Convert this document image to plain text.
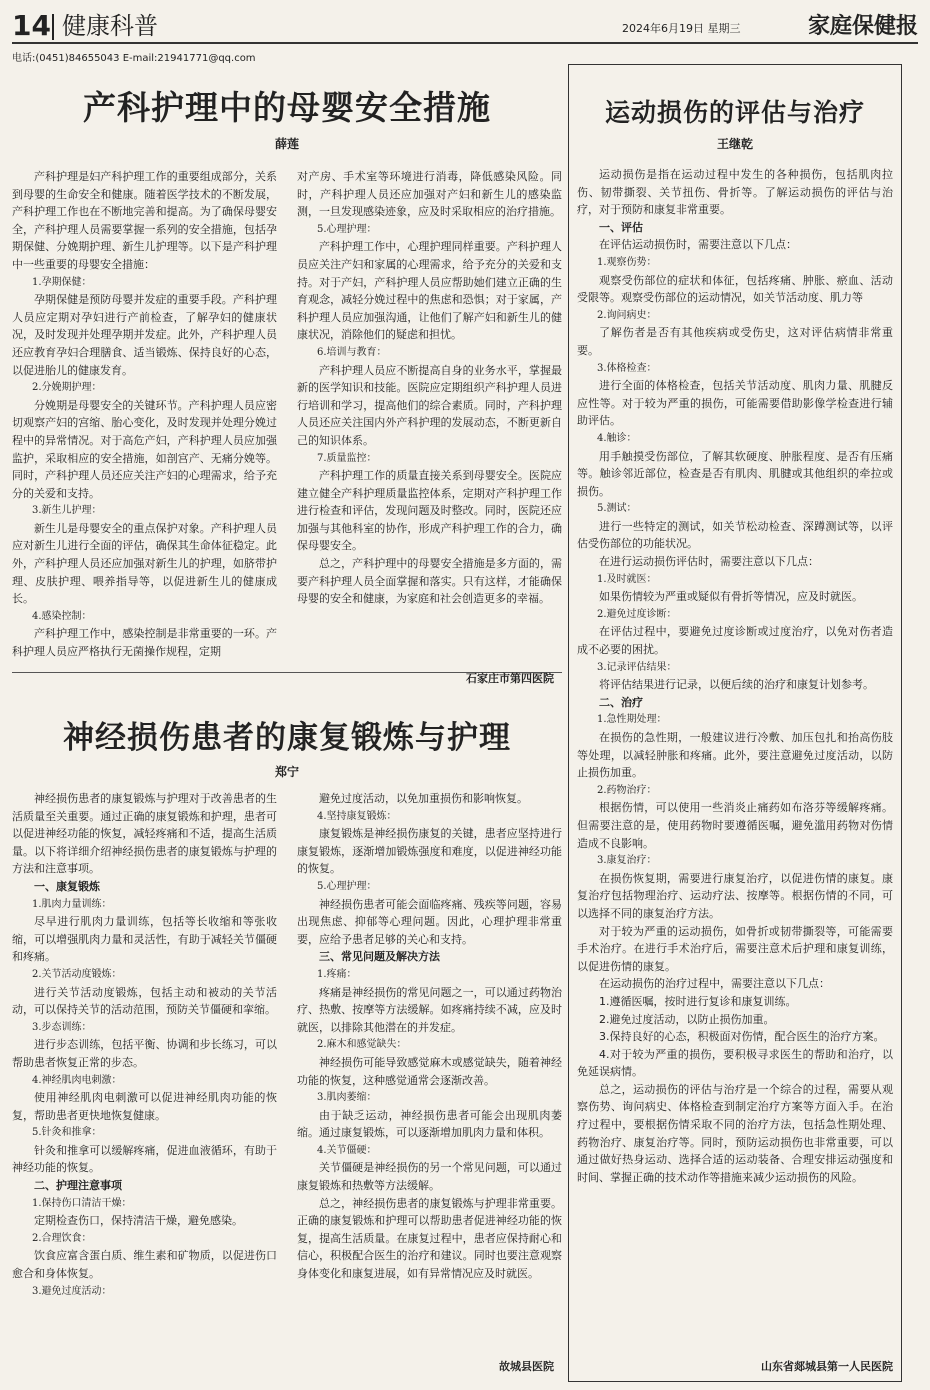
14 健康科普	2024年6月19日 星期三	家庭保健报
电话:(0451)84655043 E-mail:21941771@qq.com
产科护理中的母婴安全措施
薛莲

产科护理是妇产科护理工作的重要组成部分，关系到母婴的生命安全和健康。随着医学技术的不断发展，产科护理工作也在不断地完善和提高。为了确保母婴安全，产科护理人员需要掌握一系列的安全措施，包括孕期保健、分娩期护理、新生儿护理等。以下是产科护理中一些重要的母婴安全措施：

1.孕期保健：

孕期保健是预防母婴并发症的重要手段。产科护理人员应定期对孕妇进行产前检查，了解孕妇的健康状况，及时发现并处理孕期并发症。此外，产科护理人员还应教育孕妇合理膳食、适当锻炼、保持良好的心态，以促进胎儿的健康发育。

2.分娩期护理：

分娩期是母婴安全的关键环节。产科护理人员应密切观察产妇的宫缩、胎心变化，及时发现并处理分娩过程中的异常情况。对于高危产妇，产科护理人员应加强监护，采取相应的安全措施，如剖宫产、无痛分娩等。同时，产科护理人员还应关注产妇的心理需求，给予充分的关爱和支持。

3.新生儿护理：

新生儿是母婴安全的重点保护对象。产科护理人员应对新生儿进行全面的评估，确保其生命体征稳定。此外，产科护理人员还应加强对新生儿的护理，如脐带护理、皮肤护理、喂养指导等，以促进新生儿的健康成长。

4.感染控制：

产科护理工作中，感染控制是非常重要的一环。产科护理人员应严格执行无菌操作规程，定期

对产房、手术室等环境进行消毒，降低感染风险。同时，产科护理人员还应加强对产妇和新生儿的感染监测，一旦发现感染迹象，应及时采取相应的治疗措施。

5.心理护理：

产科护理工作中，心理护理同样重要。产科护理人员应关注产妇和家属的心理需求，给予充分的关爱和支持。对于产妇，产科护理人员应帮助她们建立正确的生育观念，减轻分娩过程中的焦虑和恐惧；对于家属，产科护理人员应加强沟通，让他们了解产妇和新生儿的健康状况，消除他们的疑虑和担忧。

6.培训与教育：

产科护理人员应不断提高自身的业务水平，掌握最新的医学知识和技能。医院应定期组织产科护理人员进行培训和学习，提高他们的综合素质。同时，产科护理人员还应关注国内外产科护理的发展动态，不断更新自己的知识体系。

7.质量监控：

产科护理工作的质量直接关系到母婴安全。医院应建立健全产科护理质量监控体系，定期对产科护理工作进行检查和评估，发现问题及时整改。同时，医院还应加强与其他科室的协作，形成产科护理工作的合力，确保母婴安全。

总之，产科护理中的母婴安全措施是多方面的，需要产科护理人员全面掌握和落实。只有这样，才能确保母婴的安全和健康，为家庭和社会创造更多的幸福。

石家庄市第四医院
神经损伤患者的康复锻炼与护理
郑宁

神经损伤患者的康复锻炼与护理对于改善患者的生活质量至关重要。通过正确的康复锻炼和护理，患者可以促进神经功能的恢复，减轻疼痛和不适，提高生活质量。以下将详细介绍神经损伤患者的康复锻炼与护理的方法和注意事项。

一、康复锻炼

1.肌肉力量训练：

尽早进行肌肉力量训练，包括等长收缩和等张收缩，可以增强肌肉力量和灵活性，有助于减轻关节僵硬和疼痛。

2.关节活动度锻炼：

进行关节活动度锻炼，包括主动和被动的关节活动，可以保持关节的活动范围，预防关节僵硬和挛缩。

3.步态训练：

进行步态训练，包括平衡、协调和步长练习，可以帮助患者恢复正常的步态。

4.神经肌肉电刺激：

使用神经肌肉电刺激可以促进神经肌肉功能的恢复，帮助患者更快地恢复健康。

5.针灸和推拿：

针灸和推拿可以缓解疼痛，促进血液循环，有助于神经功能的恢复。

二、护理注意事项

1.保持伤口清洁干燥：

定期检查伤口，保持清洁干燥，避免感染。

2.合理饮食：

饮食应富含蛋白质、维生素和矿物质，以促进伤口愈合和身体恢复。

3.避免过度活动：

避免过度活动，以免加重损伤和影响恢复。

4.坚持康复锻炼：

康复锻炼是神经损伤康复的关键，患者应坚持进行康复锻炼，逐渐增加锻炼强度和难度，以促进神经功能的恢复。

5.心理护理：

神经损伤患者可能会面临疼痛、残疾等问题，容易出现焦虑、抑郁等心理问题。因此，心理护理非常重要，应给予患者足够的关心和支持。

三、常见问题及解决方法

1.疼痛：

疼痛是神经损伤的常见问题之一，可以通过药物治疗、热敷、按摩等方法缓解。如疼痛持续不减，应及时就医，以排除其他潜在的并发症。

2.麻木和感觉缺失：

神经损伤可能导致感觉麻木或感觉缺失，随着神经功能的恢复，这种感觉通常会逐渐改善。

3.肌肉萎缩：

由于缺乏运动，神经损伤患者可能会出现肌肉萎缩。通过康复锻炼，可以逐渐增加肌肉力量和体积。

4.关节僵硬：

关节僵硬是神经损伤的另一个常见问题，可以通过康复锻炼和热敷等方法缓解。

总之，神经损伤患者的康复锻炼与护理非常重要。正确的康复锻炼和护理可以帮助患者促进神经功能的恢复，提高生活质量。在康复过程中，患者应保持耐心和信心，积极配合医生的治疗和建议。同时也要注意观察身体变化和康复进展，如有异常情况应及时就医。

故城县医院
运动损伤的评估与治疗
王继乾

运动损伤是指在运动过程中发生的各种损伤，包括肌肉拉伤、韧带撕裂、关节扭伤、骨折等。了解运动损伤的评估与治疗，对于预防和康复非常重要。

一、评估

在评估运动损伤时，需要注意以下几点：

1.观察伤势：

观察受伤部位的症状和体征，包括疼痛、肿胀、瘀血、活动受限等。观察受伤部位的运动情况，如关节活动度、肌力等

2.询问病史：

了解伤者是否有其他疾病或受伤史，这对评估病情非常重要。

3.体格检查：

进行全面的体格检查，包括关节活动度、肌肉力量、肌腱反应性等。对于较为严重的损伤，可能需要借助影像学检查进行辅助评估。

4.触诊：

用手触摸受伤部位，了解其软硬度、肿胀程度、是否有压痛等。触诊邻近部位，检查是否有肌肉、肌腱或其他组织的牵拉或损伤。

5.测试：

进行一些特定的测试，如关节松动检查、深蹲测试等，以评估受伤部位的功能状况。

在进行运动损伤评估时，需要注意以下几点：

1.及时就医：

如果伤情较为严重或疑似有骨折等情况，应及时就医。

2.避免过度诊断：

在评估过程中，要避免过度诊断或过度治疗，以免对伤者造成不必要的困扰。

3.记录评估结果：

将评估结果进行记录，以便后续的治疗和康复计划参考。

二、治疗

1.急性期处理：

在损伤的急性期，一般建议进行冷敷、加压包扎和抬高伤肢等处理，以减轻肿胀和疼痛。此外，要注意避免过度活动，以防止损伤加重。

2.药物治疗：

根据伤情，可以使用一些消炎止痛药如布洛芬等缓解疼痛。但需要注意的是，使用药物时要遵循医嘱，避免滥用药物对伤情造成不良影响。

3.康复治疗：

在损伤恢复期，需要进行康复治疗，以促进伤情的康复。康复治疗包括物理治疗、运动疗法、按摩等。根据伤情的不同，可以选择不同的康复治疗方法。

对于较为严重的运动损伤，如骨折或韧带撕裂等，可能需要手术治疗。在进行手术治疗后，需要注意术后护理和康复训练，以促进伤情的康复。

在运动损伤的治疗过程中，需要注意以下几点：

1.遵循医嘱，按时进行复诊和康复训练。

2.避免过度活动，以防止损伤加重。

3.保持良好的心态，积极面对伤情，配合医生的治疗方案。

4.对于较为严重的损伤，要积极寻求医生的帮助和治疗，以免延误病情。

总之，运动损伤的评估与治疗是一个综合的过程，需要从观察伤势、询问病史、体格检查到制定治疗方案等方面入手。在治疗过程中，要根据伤情采取不同的治疗方法，包括急性期处理、药物治疗、康复治疗等。同时，预防运动损伤也非常重要，可以通过做好热身运动、选择合适的运动装备、合理安排运动强度和时间、掌握正确的技术动作等措施来减少运动损伤的风险。

山东省郯城县第一人民医院
